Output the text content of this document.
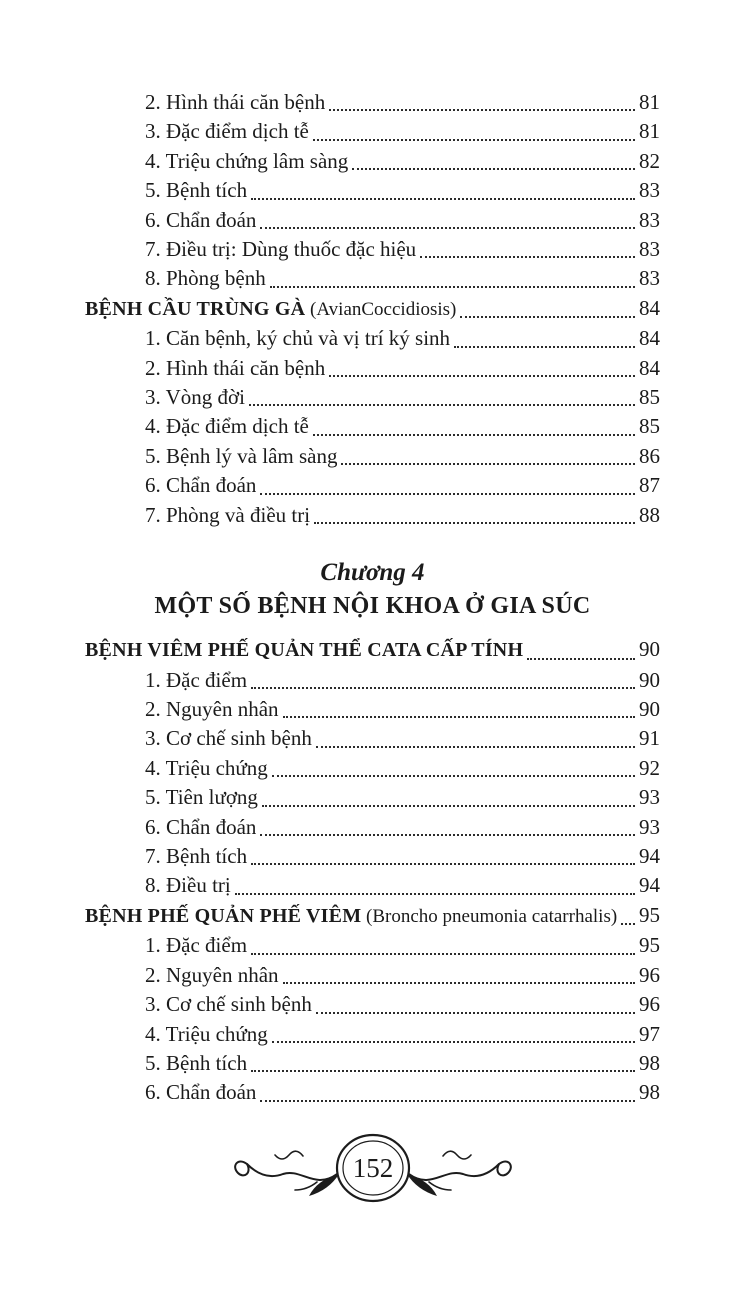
2. Hình thái căn bệnh	81
3. Đặc điểm dịch tễ	81
4. Triệu chứng lâm sàng	82
5. Bệnh tích	83
6. Chẩn đoán	83
7. Điều trị: Dùng thuốc đặc hiệu	83
8. Phòng bệnh	83
BỆNH CẦU TRÙNG GÀ (AvianCoccidiosis)	84
1. Căn bệnh, ký chủ và vị trí ký sinh	84
2. Hình thái căn bệnh	84
3. Vòng đời	85
4. Đặc điểm dịch tễ	85
5. Bệnh lý và lâm sàng	86
6. Chẩn đoán	87
7. Phòng và điều trị	88
Chương 4
MỘT SỐ BỆNH NỘI KHOA Ở GIA SÚC
BỆNH VIÊM PHẾ QUẢN THỂ CATA CẤP TÍNH	90
1. Đặc điểm	90
2. Nguyên nhân	90
3. Cơ chế sinh bệnh	91
4. Triệu chứng	92
5. Tiên lượng	93
6. Chẩn đoán	93
7. Bệnh tích	94
8. Điều trị	94
BỆNH PHẾ QUẢN PHẾ VIÊM (Broncho pneumonia catarrhalis) 95
1. Đặc điểm	95
2. Nguyên nhân	96
3. Cơ chế sinh bệnh	96
4. Triệu chứng	97
5. Bệnh tích	98
6. Chẩn đoán	98
152
